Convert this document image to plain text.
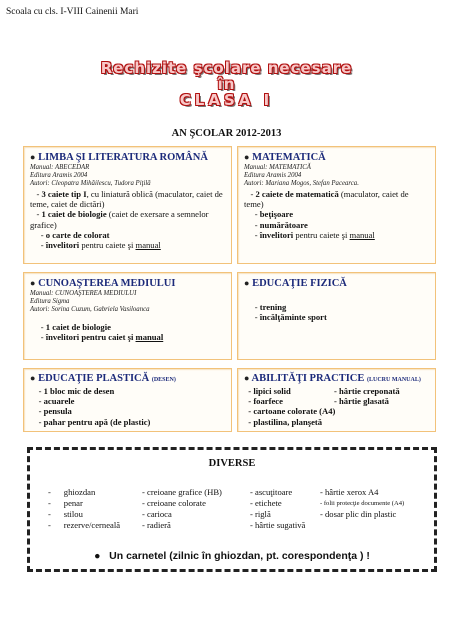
Scoala cu cls. I-VIII Cainenii Mari
Rechizite şcolare necesare
în
CLASA I
AN ŞCOLAR 2012-2013
● LIMBA ŞI LITERATURA ROMÂNĂ
Manual: ABECEDAR
Editura Aramis 2004
Autori: Cleopatra Mihăilescu, Tudora Piţilă
- 3 caiete tip I, cu liniatură oblică (maculator, caiet de teme, caiet de dictări)
- 1 caiet de biologie (caiet de exersare a semnelor grafice)
- o carte de colorat
- învelitori pentru caiete şi manual
● MATEMATICĂ
Manual: MATEMATICĂ
Editura Aramis 2004
Autori: Mariana Mogos, Stefan Pacearca.
- 2 caiete de matematică (maculator, caiet de teme)
- beţişoare
- numărătoare
- învelitori pentru caiete şi manual
● CUNOAŞTEREA MEDIULUI
Manual: CUNOAŞTEREA MEDIULUI
Editura Sigma
Autori: Sorina Cuzum, Gabriela Vasiloanca
- 1 caiet de biologie
- învelitori pentru caiet şi manual
● EDUCAŢIE FIZICĂ
- trening
- încălţăminte sport
● EDUCAŢIE PLASTICĂ (DESEN)
- 1 bloc mic de desen
- acuarele
- pensula
- pahar pentru apă (de plastic)
● ABILITĂŢI PRACTICE (LUCRU MANUAL)
- lipici solid	- hârtie creponată
- foarfece	- hârtie glasată
- cartoane colorate (A4)
- plastilina, planşetă
DIVERSE
-      ghiozdan
-      penar
-      stilou
-      rezerve/cerneală
- creioane grafice (HB)
- creioane colorate
- carioca
- radieră
- ascuţitoare
- etichete
- riglă
- hârtie sugativă
- hârtie xerox A4
- folii protecţie documente (A4)
- dosar plic din plastic
●   Un carnetel (zilnic în ghiozdan, pt. corespondenţa ) !
